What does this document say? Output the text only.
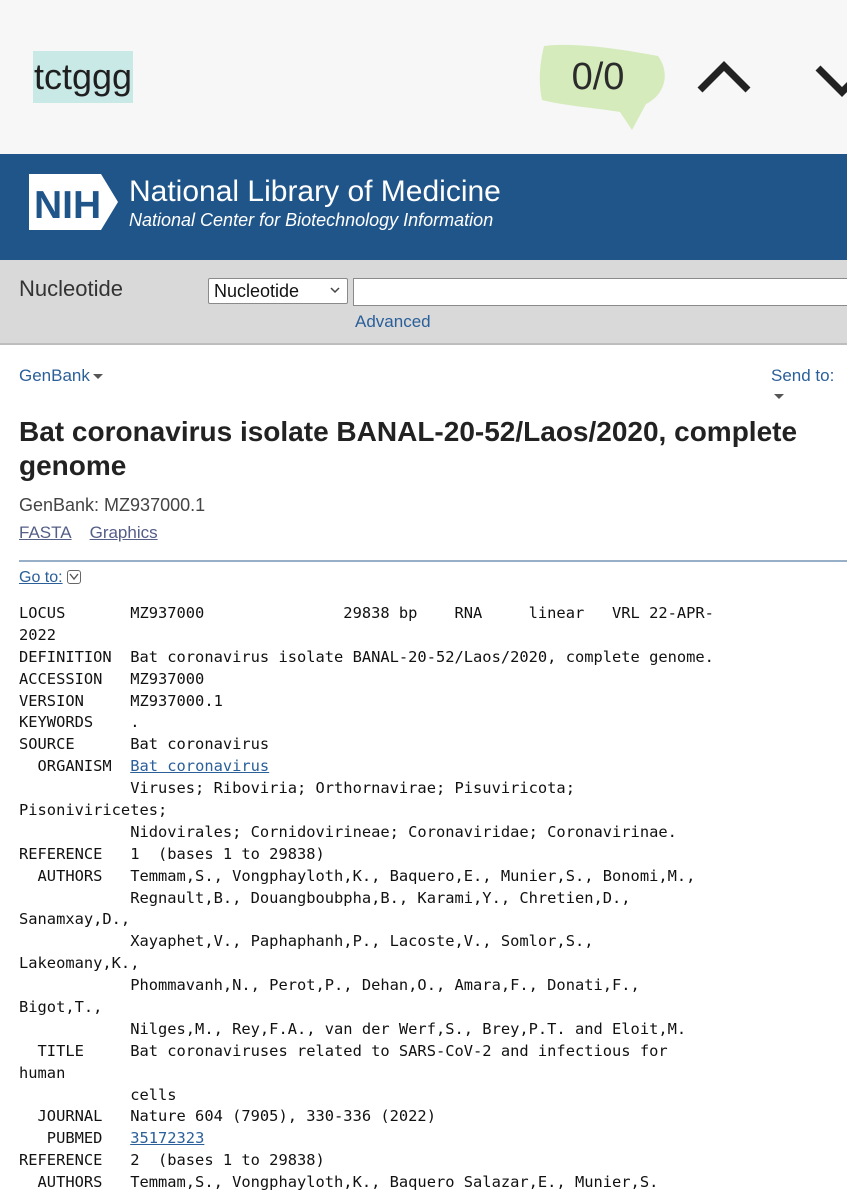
tctggg	0/0
NIH National Library of Medicine
National Center for Biotechnology Information
Nucleotide	Nucleotide
Advanced
GenBank	Send to:
Bat coronavirus isolate BANAL-20-52/Laos/2020, complete genome
GenBank: MZ937000.1
FASTA Graphics
Go to:
LOCUS       MZ937000               29838 bp    RNA     linear   VRL 22-APR-
2022
DEFINITION  Bat coronavirus isolate BANAL-20-52/Laos/2020, complete genome.
ACCESSION   MZ937000
VERSION     MZ937000.1
KEYWORDS    .
SOURCE      Bat coronavirus
ORGANISM  Bat coronavirus
Viruses; Riboviria; Orthornavirae; Pisuviricota;
Pisoniviricetes;
Nidovirales; Cornidovirineae; Coronaviridae; Coronavirinae.
REFERENCE   1  (bases 1 to 29838)
AUTHORS   Temmam,S., Vongphayloth,K., Baquero,E., Munier,S., Bonomi,M.,
Regnault,B., Douangboubpha,B., Karami,Y., Chretien,D.,
Sanamxay,D.,
Xayaphet,V., Paphaphanh,P., Lacoste,V., Somlor,S.,
Lakeomany,K.,
Phommavanh,N., Perot,P., Dehan,O., Amara,F., Donati,F.,
Bigot,T.,
Nilges,M., Rey,F.A., van der Werf,S., Brey,P.T. and Eloit,M.
TITLE     Bat coronaviruses related to SARS-CoV-2 and infectious for
human
cells
JOURNAL   Nature 604 (7905), 330-336 (2022)
PUBMED   35172323
REFERENCE   2  (bases 1 to 29838)
AUTHORS   Temmam,S., Vongphayloth,K., Baquero Salazar,E., Munier,S.
